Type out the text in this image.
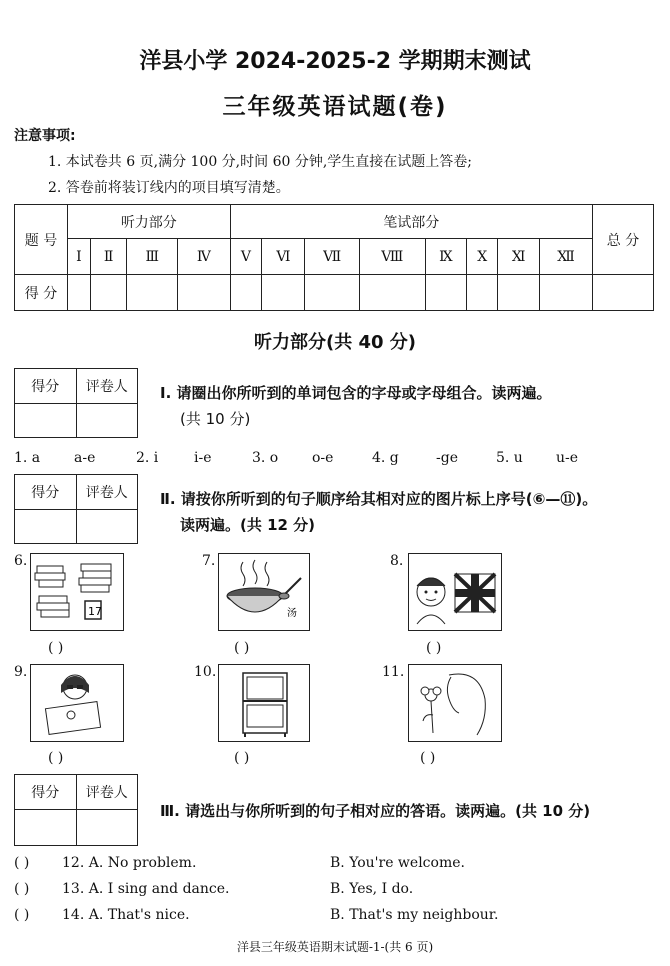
洋县小学 2024-2025-2 学期期末测试
三年级英语试题(卷)
注意事项:
1. 本试卷共 6 页,满分 100 分,时间 60 分钟,学生直接在试题上答卷;
2. 答卷前将装订线内的项目填写清楚。
题 号	听力部分				笔试部分								总 分
	Ⅰ	Ⅱ	Ⅲ	Ⅳ	Ⅴ	Ⅵ	Ⅶ	Ⅷ	Ⅸ	Ⅹ	Ⅺ	Ⅻ	
得 分													
听力部分(共 40 分)
得分	评卷人
	Ⅰ. 请圈出你所听到的单词包含的字母或字母组合。读两遍。
(共 10 分)
1. a a-e	2. i	i-e	3. o o-e	4. g	-ge	5. u u-e
得分	评卷人
	Ⅱ. 请按你所听到的句子顺序给其相对应的图片标上序号(⑥—⑪)。
读两遍。(共 12 分)
6.
17
( )
7.
汤
( )
8.
( )
9.
( )
10.
( )
11.
( )
得分	评卷人

Ⅲ. 请选出与你所听到的句子相对应的答语。读两遍。(共 10 分)
( ) 12. A. No problem.	B. You're welcome.
( ) 13. A. I sing and dance.	B. Yes, I do.
( ) 14. A. That's nice.	B. That's my neighbour.
洋县三年级英语期末试题-1-(共 6 页)
